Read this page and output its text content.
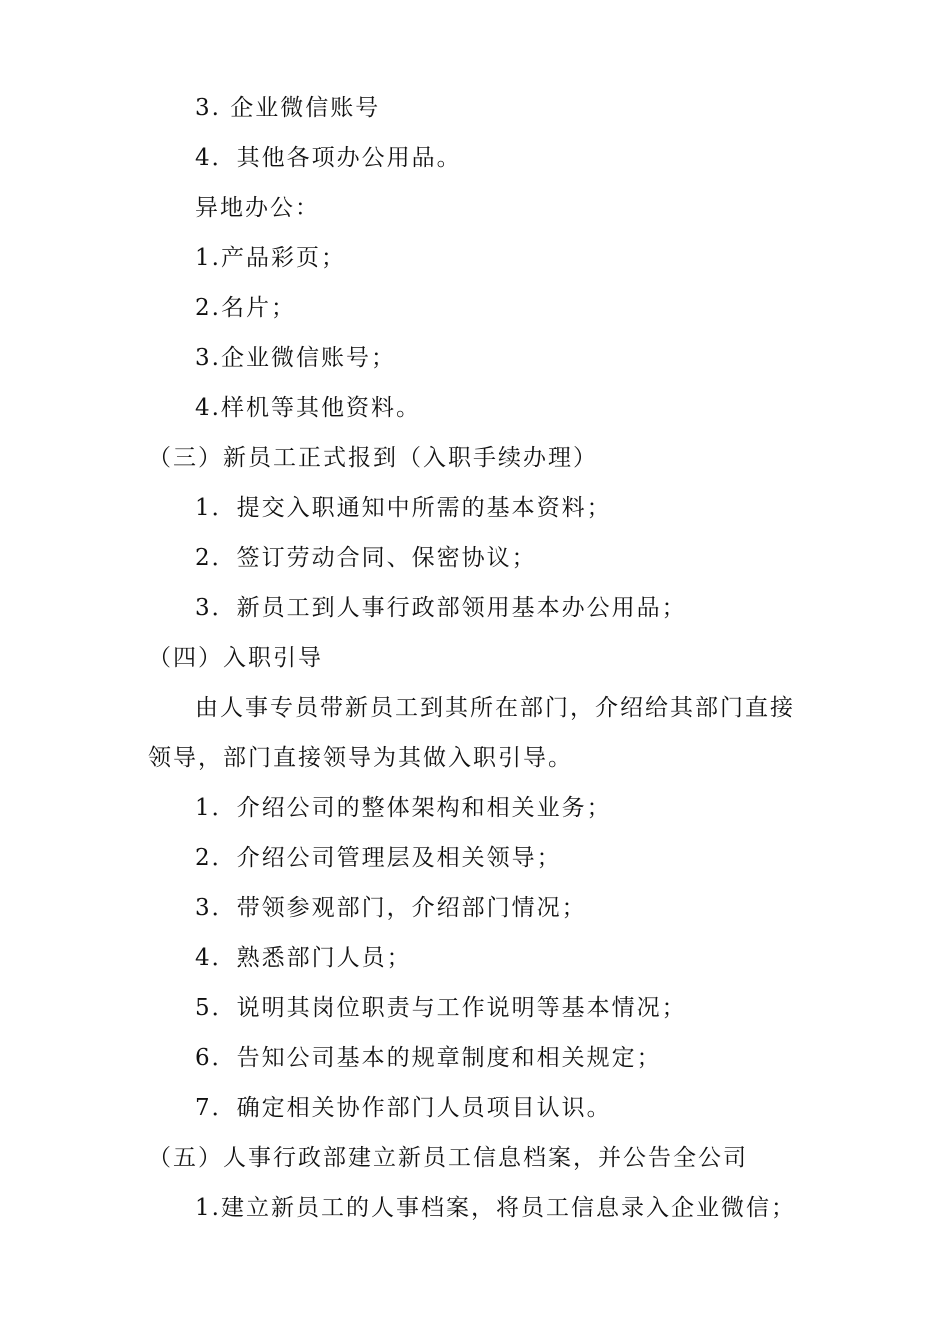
3. 企业微信账号
4．其他各项办公用品。
异地办公：
1.产品彩页；
2.名片；
3.企业微信账号；
4.样机等其他资料。
（三）新员工正式报到（入职手续办理）
1．提交入职通知中所需的基本资料；
2．签订劳动合同、保密协议；
3．新员工到人事行政部领用基本办公用品；
（四）入职引导
由人事专员带新员工到其所在部门，介绍给其部门直接
领导，部门直接领导为其做入职引导。
1．介绍公司的整体架构和相关业务；
2．介绍公司管理层及相关领导；
3．带领参观部门，介绍部门情况；
4．熟悉部门人员；
5．说明其岗位职责与工作说明等基本情况；
6．告知公司基本的规章制度和相关规定；
7．确定相关协作部门人员项目认识。
（五）人事行政部建立新员工信息档案，并公告全公司
1.建立新员工的人事档案，将员工信息录入企业微信；
